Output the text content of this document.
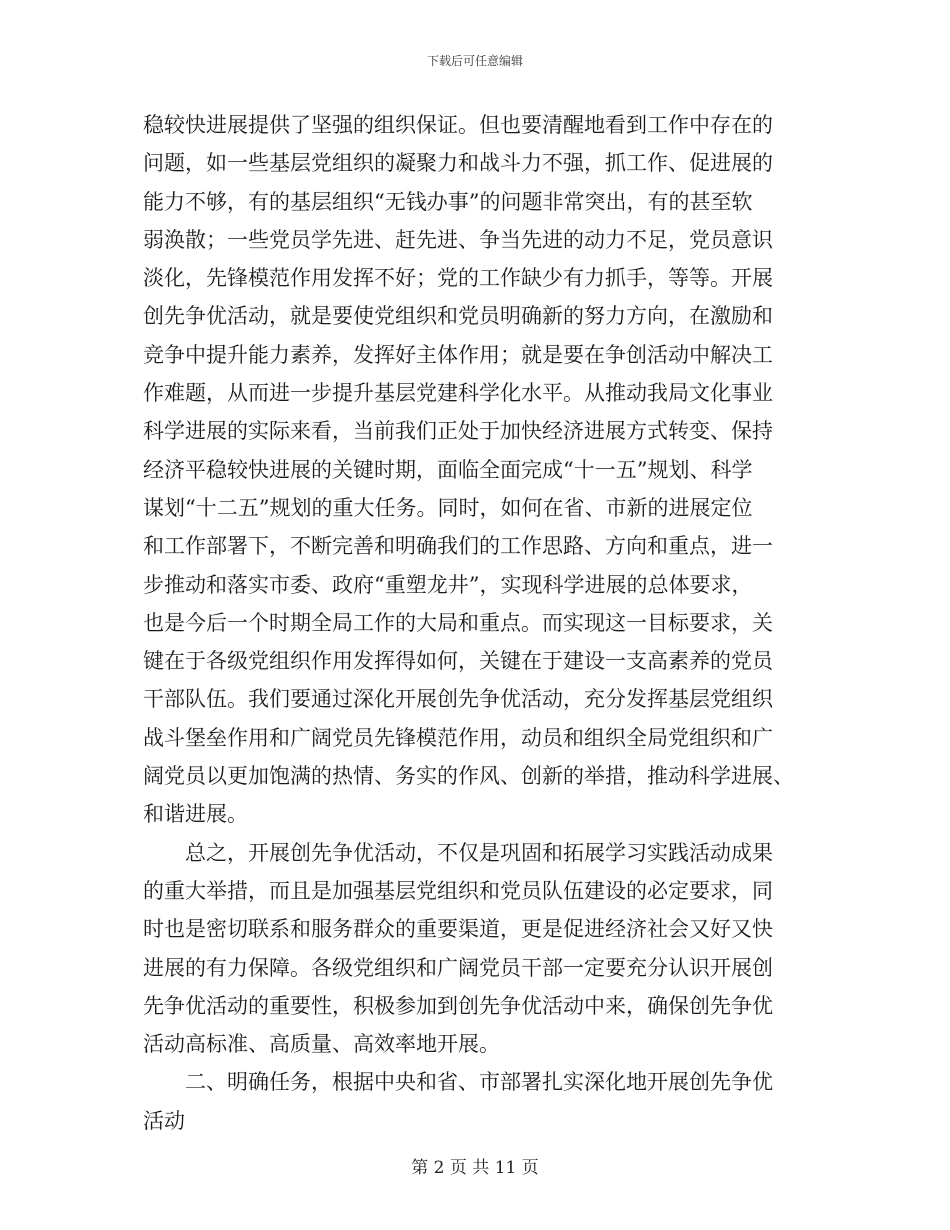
下载后可任意编辑
稳较快进展提供了坚强的组织保证。但也要清醒地看到工作中存在的
问题，如一些基层党组织的凝聚力和战斗力不强，抓工作、促进展的
能力不够，有的基层组织“无钱办事”的问题非常突出，有的甚至软
弱涣散；一些党员学先进、赶先进、争当先进的动力不足，党员意识
淡化，先锋模范作用发挥不好；党的工作缺少有力抓手，等等。开展
创先争优活动，就是要使党组织和党员明确新的努力方向，在激励和
竞争中提升能力素养，发挥好主体作用；就是要在争创活动中解决工
作难题，从而进一步提升基层党建科学化水平。从推动我局文化事业
科学进展的实际来看，当前我们正处于加快经济进展方式转变、保持
经济平稳较快进展的关键时期，面临全面完成“十一五”规划、科学
谋划“十二五”规划的重大任务。同时，如何在省、市新的进展定位
和工作部署下，不断完善和明确我们的工作思路、方向和重点，进一
步推动和落实市委、政府“重塑龙井”，实现科学进展的总体要求，
也是今后一个时期全局工作的大局和重点。而实现这一目标要求，关
键在于各级党组织作用发挥得如何，关键在于建设一支高素养的党员
干部队伍。我们要通过深化开展创先争优活动，充分发挥基层党组织
战斗堡垒作用和广阔党员先锋模范作用，动员和组织全局党组织和广
阔党员以更加饱满的热情、务实的作风、创新的举措，推动科学进展、
和谐进展。
总之，开展创先争优活动，不仅是巩固和拓展学习实践活动成果
的重大举措，而且是加强基层党组织和党员队伍建设的必定要求，同
时也是密切联系和服务群众的重要渠道，更是促进经济社会又好又快
进展的有力保障。各级党组织和广阔党员干部一定要充分认识开展创
先争优活动的重要性，积极参加到创先争优活动中来，确保创先争优
活动高标准、高质量、高效率地开展。
二、明确任务，根据中央和省、市部署扎实深化地开展创先争优
活动
第 2 页 共 11 页
